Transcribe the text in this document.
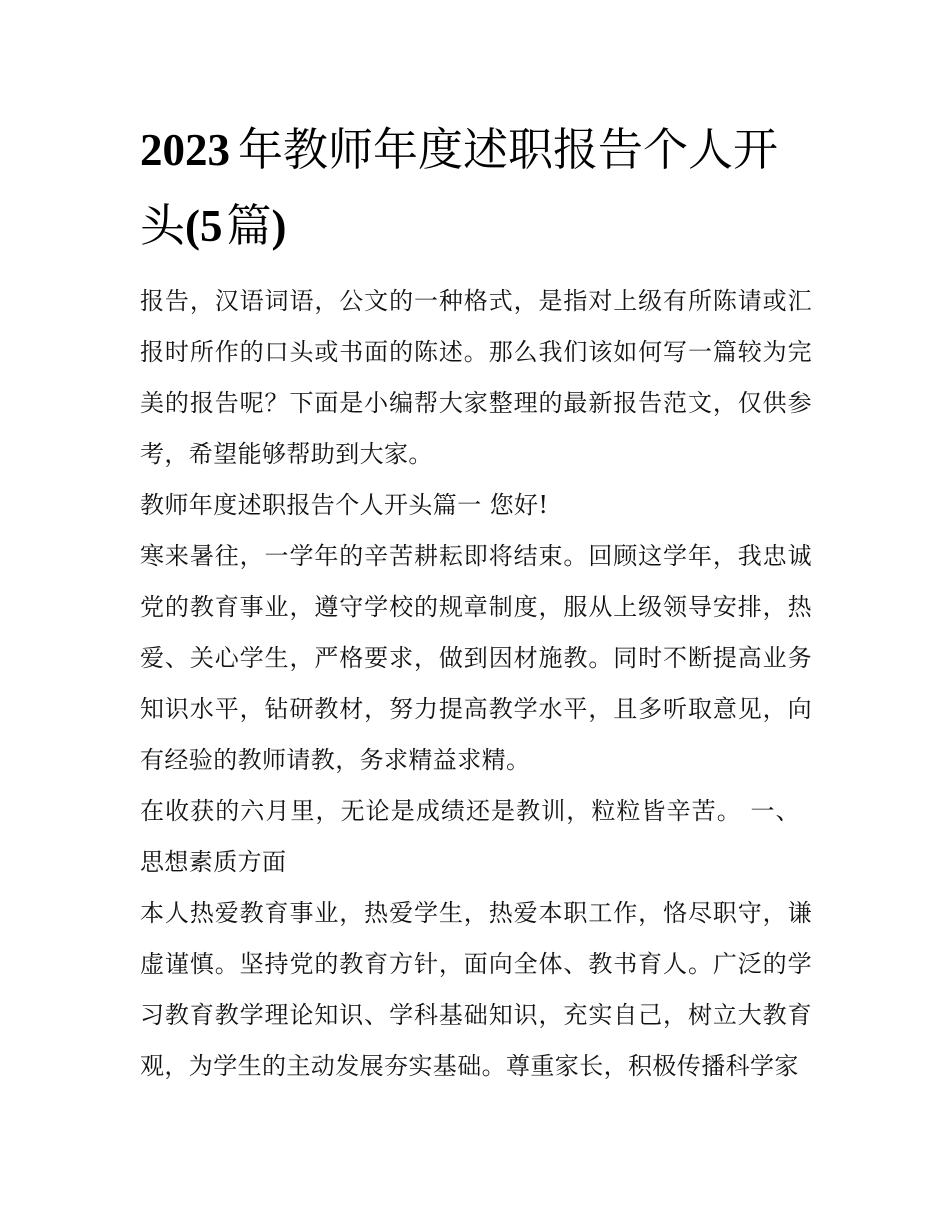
2023 年教师年度述职报告个人开头(5篇)

报告，汉语词语，公文的一种格式，是指对上级有所陈请或汇报时所作的口头或书面的陈述。那么我们该如何写一篇较为完美的报告呢？下面是小编帮大家整理的最新报告范文，仅供参考，希望能够帮助到大家。

教师年度述职报告个人开头篇一 您好!

寒来暑往，一学年的辛苦耕耘即将结束。回顾这学年，我忠诚党的教育事业，遵守学校的规章制度，服从上级领导安排，热爱、关心学生，严格要求，做到因材施教。同时不断提高业务知识水平，钻研教材，努力提高教学水平，且多听取意见，向有经验的教师请教，务求精益求精。

在收获的六月里，无论是成绩还是教训，粒粒皆辛苦。 一、思想素质方面

本人热爱教育事业，热爱学生，热爱本职工作，恪尽职守，谦虚谨慎。坚持党的教育方针，面向全体、教书育人。广泛的学习教育教学理论知识、学科基础知识，充实自己，树立大教育观，为学生的主动发展夯实基础。尊重家长，积极传播科学家
